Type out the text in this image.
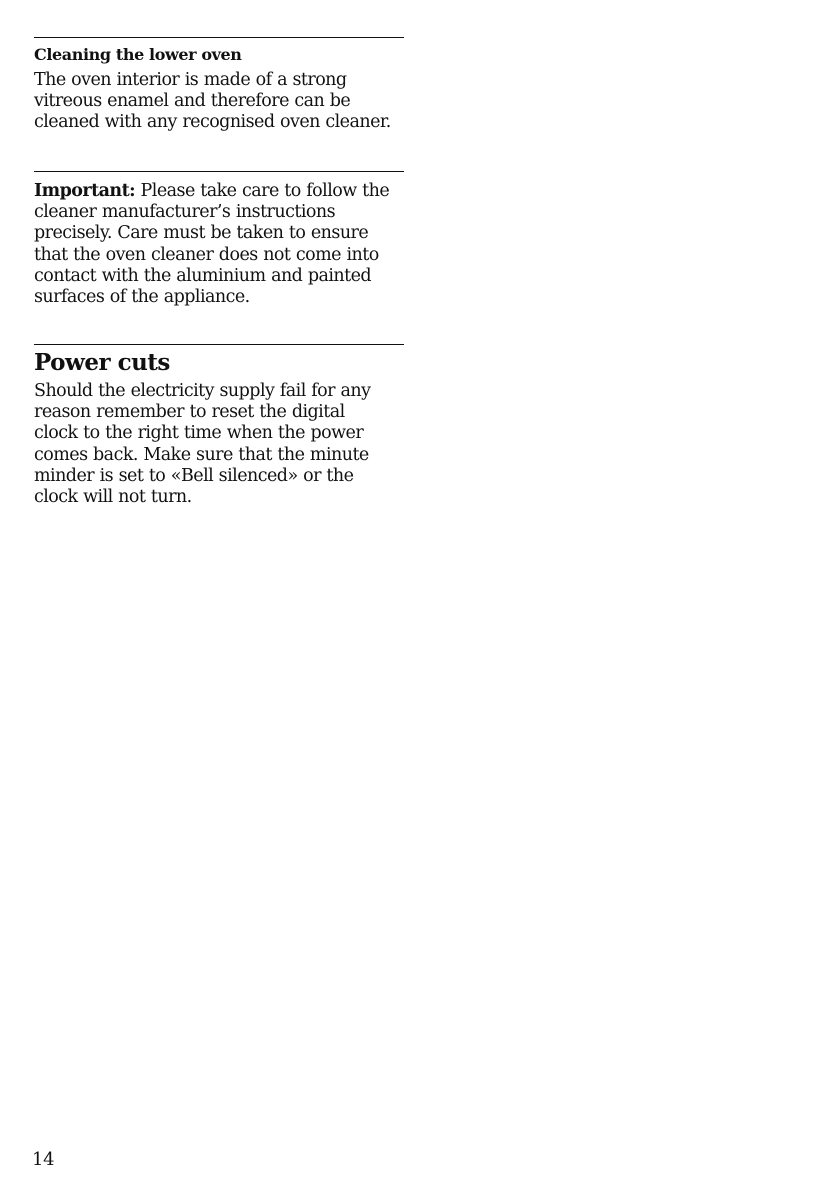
Cleaning the lower oven

The oven interior is made of a strong
vitreous enamel and therefore can be
cleaned with any recognised oven cleaner.

Important: Please take care to follow the
cleaner manufacturer’s instructions
precisely. Care must be taken to ensure
that the oven cleaner does not come into
contact with the aluminium and painted
surfaces of the appliance.

Power cuts

Should the electricity supply fail for any
reason remember to reset the digital
clock to the right time when the power
comes back. Make sure that the minute
minder is set to «Bell silenced» or the
clock will not turn.

14
